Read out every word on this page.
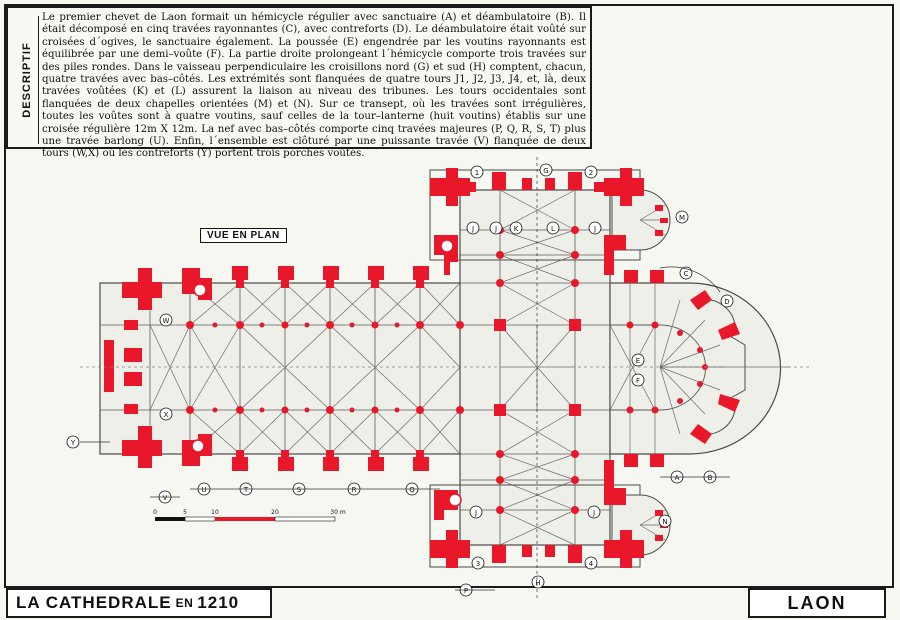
DESCRIPTIF
Le premier chevet de Laon formait un hémicycle régulier avec sanctuaire (A) et déambulatoire (B). Il était décomposé en cinq travées rayonnantes (C), avec contreforts (D). Le déambulatoire était voûté sur croisées d´ogives, le sanctuaire également. La poussée (E) engendrée par les voutins rayonnants est équilibrée par une demi–voûte (F). La partie droite prolongeant l´hémicycle comporte trois travées sur des piles rondes. Dans le vaisseau perpendiculaire les croisillons nord (G) et sud (H) comptent, chacun, quatre travées avec bas–côtés. Les extrémités sont flanquées de quatre tours J1, J2, J3, J4, et, là, deux travées voûtées (K) et (L) assurent la liaison au niveau des tribunes. Les tours occidentales sont flanquées de deux chapelles orientées (M) et (N). Sur ce transept, où les travées sont irrégulières, toutes les voûtes sont à quatre voutins, sauf celles de la tour–lanterne (huit voutins) établis sur une croisée régulière 12m X 12m. La nef avec bas–côtés comporte cinq travées majeures (P, Q, R, S, T) plus une travée barlong (U). Enfin, l´ensemble est clôturé par une puissante travée (V) flanquée de deux tours (W,X) où les contreforts (Y) portent trois porches voûtés.
1	G	2
J	J K	L	J
M
C
D
E
F
A	B
W
X
Y
V
U	T	S	R	Q
J	J
3	4
H
N
P
0	5	10	20	30 m
VUE EN PLAN
LA CATHEDRALE EN 1210	LAON
